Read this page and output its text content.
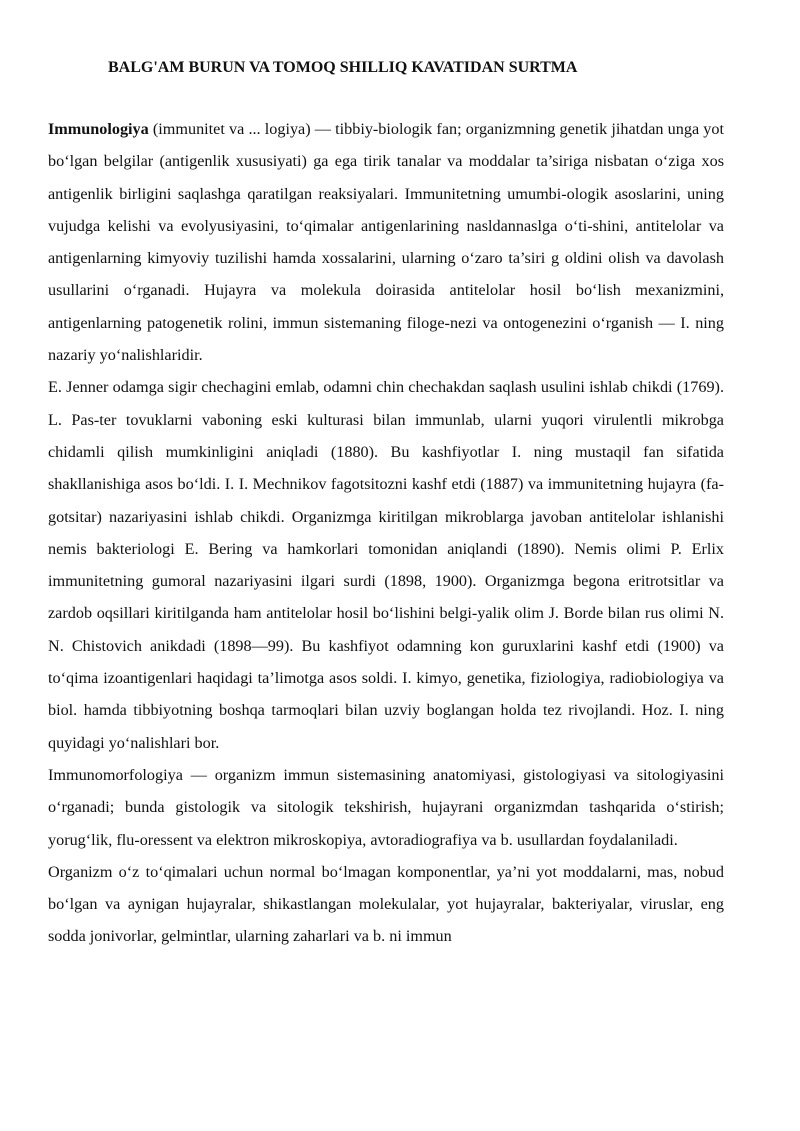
BALG'AM BURUN VA TOMOQ SHILLIQ KAVATIDAN SURTMA

Immunologiya (immunitet va ... logiya) — tibbiy-biologik fan; organizmning genetik jihatdan unga yot bo‘lgan belgilar (antigenlik xususiyati) ga ega tirik tanalar va moddalar ta’siriga nisbatan o‘ziga xos antigenlik birligini saqlashga qaratilgan reaksiyalari. Immunitetning umumbi-ologik asoslarini, uning vujudga kelishi va evolyusiyasini, to‘qimalar antigenlarining nasldannaslga o‘ti-shini, antitelolar va antigenlarning kimyoviy tuzilishi hamda xossalarini, ularning o‘zaro ta’siri g oldini olish va davolash usullarini o‘rganadi. Hujayra va molekula doirasida antitelolar hosil bo‘lish mexanizmini, antigenlarning patogenetik rolini, immun sistemaning filoge-nezi va ontogenezini o‘rganish — I. ning nazariy yo‘nalishlaridir.

E. Jenner odamga sigir chechagini emlab, odamni chin chechakdan saqlash usulini ishlab chikdi (1769). L. Pas-ter tovuklarni vaboning eski kulturasi bilan immunlab, ularni yuqori virulentli mikrobga chidamli qilish mumkinligini aniqladi (1880). Bu kashfiyotlar I. ning mustaqil fan sifatida shakllanishiga asos bo‘ldi. I. I. Mechnikov fagotsitozni kashf etdi (1887) va immunitetning hujayra (fa-gotsitar) nazariyasini ishlab chikdi. Organizmga kiritilgan mikroblarga javoban antitelolar ishlanishi nemis bakteriologi E. Bering va hamkorlari tomonidan aniqlandi (1890). Nemis olimi P. Erlix immunitetning gumoral nazariyasini ilgari surdi (1898, 1900). Organizmga begona eritrotsitlar va zardob oqsillari kiritilganda ham antitelolar hosil bo‘lishini belgi-yalik olim J. Borde bilan rus olimi N. N. Chistovich anikdadi (1898—99). Bu kashfiyot odamning kon guruxlarini kashf etdi (1900) va to‘qima izoantigenlari haqidagi ta’limotga asos soldi. I. kimyo, genetika, fiziologiya, radiobiologiya va biol. hamda tibbiyotning boshqa tarmoqlari bilan uzviy boglangan holda tez rivojlandi. Hoz. I. ning quyidagi yo‘nalishlari bor.

Immunomorfologiya — organizm immun sistemasining anatomiyasi, gistologiyasi va sitologiyasini o‘rganadi; bunda gistologik va sitologik tekshirish, hujayrani organizmdan tashqarida o‘stirish; yorug‘lik, flu-oressent va elektron mikroskopiya, avtoradiografiya va b. usullardan foydalaniladi.

Organizm o‘z to‘qimalari uchun normal bo‘lmagan komponentlar, ya’ni yot moddalarni, mas, nobud bo‘lgan va aynigan hujayralar, shikastlangan molekulalar, yot hujayralar, bakteriyalar, viruslar, eng sodda jonivorlar, gelmintlar, ularning zaharlari va b. ni immun
